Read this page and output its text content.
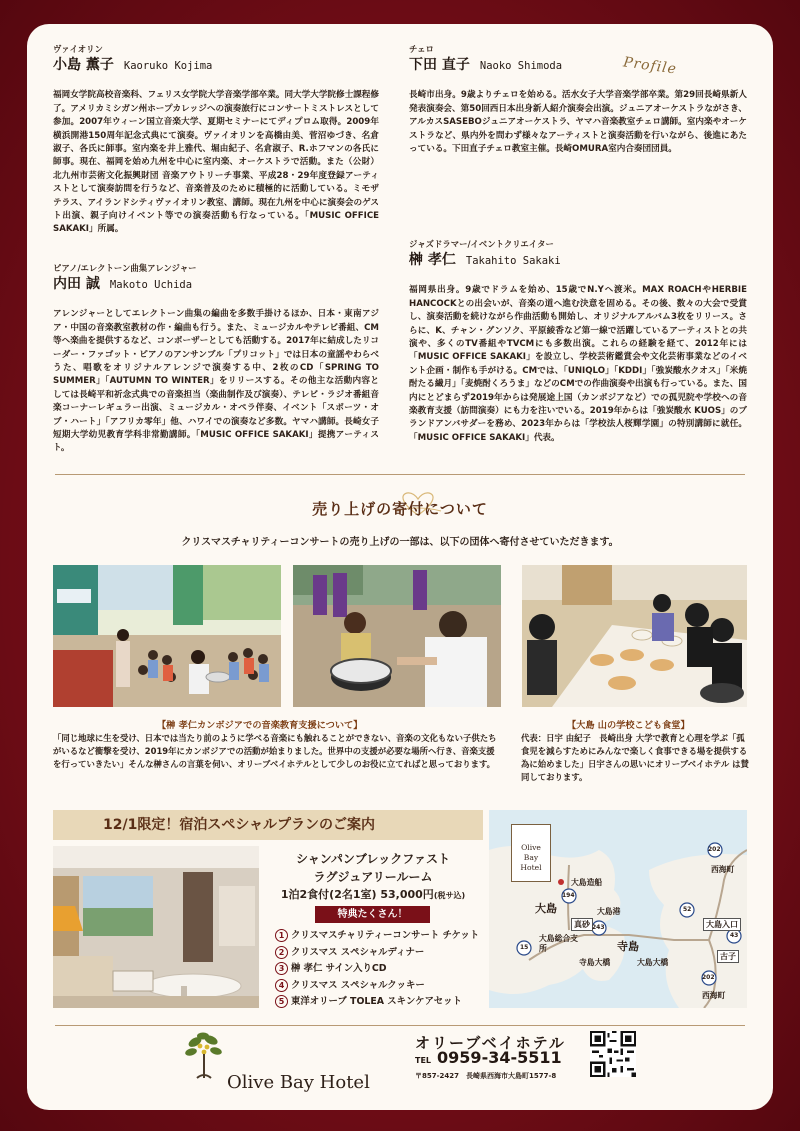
Profile
ヴァイオリン
小島 薫子 Kaoruko Kojima
福岡女学院高校音楽科、フェリス女学院大学音楽学部卒業。同大学大学院修士課程修了。アメリカミシガン州ホープカレッジへの演奏旅行にコンサートミストレスとして参加。2007年ウィーン国立音楽大学、夏期セミナーにてディプロム取得。2009年横浜開港150周年記念式典にて演奏。ヴァイオリンを高橋由美、菅沼ゆづき、名倉淑子、各氏に師事。室内楽を井上雅代、堀由紀子、名倉淑子、R.ホフマンの各氏に師事。現在、福岡を始め九州を中心に室内楽、オーケストラで活動。また（公財）北九州市芸術文化振興財団 音楽アウトリーチ事業、平成28・29年度登録アーティストとして演奏訪問を行うなど、音楽普及のために積極的に活動している。ミモザテラス、アイランドシティヴァイオリン教室、講師。現在九州を中心に演奏会のゲスト出演、親子向けイベント等での演奏活動も行なっている。「MUSIC OFFICE SAKAKI」所属。
チェロ
下田 直子 Naoko Shimoda
長崎市出身。9歳よりチェロを始める。活水女子大学音楽学部卒業。第29回長崎県新人発表演奏会、第50回西日本出身新人紹介演奏会出演。ジュニアオーケストラながさき、アルカスSASEBOジュニアオーケストラ、ヤマハ音楽教室チェロ講師。室内楽やオーケストラなど、県内外を問わず様々なアーティストと演奏活動を行いながら、後進にあたっている。下田直子チェロ教室主催。長崎OMURA室内合奏団団員。
ピアノ/エレクトーン曲集アレンジャー
内田 誠 Makoto Uchida
アレンジャーとしてエレクトーン曲集の編曲を多数手掛けるほか、日本・東南アジア・中国の音楽教室教材の作・編曲も行う。また、ミュージカルやテレビ番組、CM等へ楽曲を提供するなど、コンポーザーとしても活動する。2017年に結成したリコーダー・ファゴット・ピアノのアンサンブル「プリコット」では日本の童謡やわらべうた、唱歌をオリジナルアレンジで演奏する中、2枚のCD「SPRING TO SUMMER」「AUTUMN TO WINTER」をリリースする。その他主な活動内容としては長崎平和祈念式典での音楽担当（楽曲制作及び演奏）、テレビ・ラジオ番組音楽コーナーレギュラー出演、ミュージカル・オペラ伴奏、イベント「スポーツ・オブ・ハート」「アフリカ零年」他、ハワイでの演奏など多数。ヤマハ講師。長崎女子短期大学幼児教育学科非常勤講師。「MUSIC OFFICE SAKAKI」提携アーティスト。
ジャズドラマー/イベントクリエイター
榊 孝仁 Takahito Sakaki
福岡県出身。9歳でドラムを始め、15歳でN.Yへ渡米。MAX ROACHやHERBIE HANCOCKとの出会いが、音楽の道へ進む決意を固める。その後、数々の大会で受賞し、演奏活動を続けながら作曲活動も開始し、オリジナルアルバム3枚をリリース。さらに、K、チャン・グンソク、平原綾香など第一線で活躍しているアーティストとの共演や、多くのTV番組やTVCMにも多数出演。これらの経験を経て、2012年には「MUSIC OFFICE SAKAKI」を設立し、学校芸術鑑賞会や文化芸術事業などのイベント企画・制作も手がける。CMでは、「UNIQLO」「KDDI」「強炭酸水クオス」「米焼酎たる繊月」「麦焼酎くろうま」などのCMでの作曲演奏や出演も行っている。また、国内にとどまらず2019年からは発展途上国（カンボジアなど）での孤児院や学校への音楽教育支援（訪問演奏）にも力を注いでいる。2019年からは「強炭酸水 KUOS」のブランドアンバサダーを務め、2023年からは「学校法人桜輝学園」の特別講師に就任。「MUSIC OFFICE SAKAKI」代表。
売り上げの寄付について
クリスマスチャリティーコンサートの売り上げの一部は、以下の団体へ寄付させていただきます。
【榊 孝仁カンボジアでの音楽教育支援について】
「同じ地球に生を受け、日本では当たり前のように学べる音楽にも触れることができない、音楽の文化もない子供たちがいるなど衝撃を受け、2019年にカンボジアでの活動が始まりました。世界中の支援が必要な場所へ行き、音楽支援を行っていきたい」そんな榊さんの言葉を伺い、オリーブベイホテルとして少しのお役に立てればと思っております。
【大島 山の学校こども食堂】
代表：日宇 由紀子　長崎出身 大学で教育と心理を学ぶ「孤食児を減らすためにみんなで楽しく食事できる場を提供する為に始めました」日宇さんの思いにオリーブベイホテル は賛同しております。
12/1限定！宿泊スペシャルプランのご案内
シャンパンブレックファスト
ラグジュアリールーム
1泊2食付(2名1室) 53,000円(税サ込)
特典たくさん！
1 クリスマスチャリティーコンサート チケット
2 クリスマス スペシャルディナー
3 榊 孝仁 サイン入りCD
4 クリスマス スペシャルクッキー
5 東洋オリーブ TOLEA スキンケアセット
Olive
Bay
Hotel
大島造船
大島	大島港
真砂
寺島
大島総合支所
寺島大橋	大島大橋
西海町
大島入口
古子
西海町
202
202
43
52
15
194
243
Olive Bay Hotel
オリーブベイホテル
TEL 0959-34-5511
〒857-2427　長崎県西海市大島町1577-8
